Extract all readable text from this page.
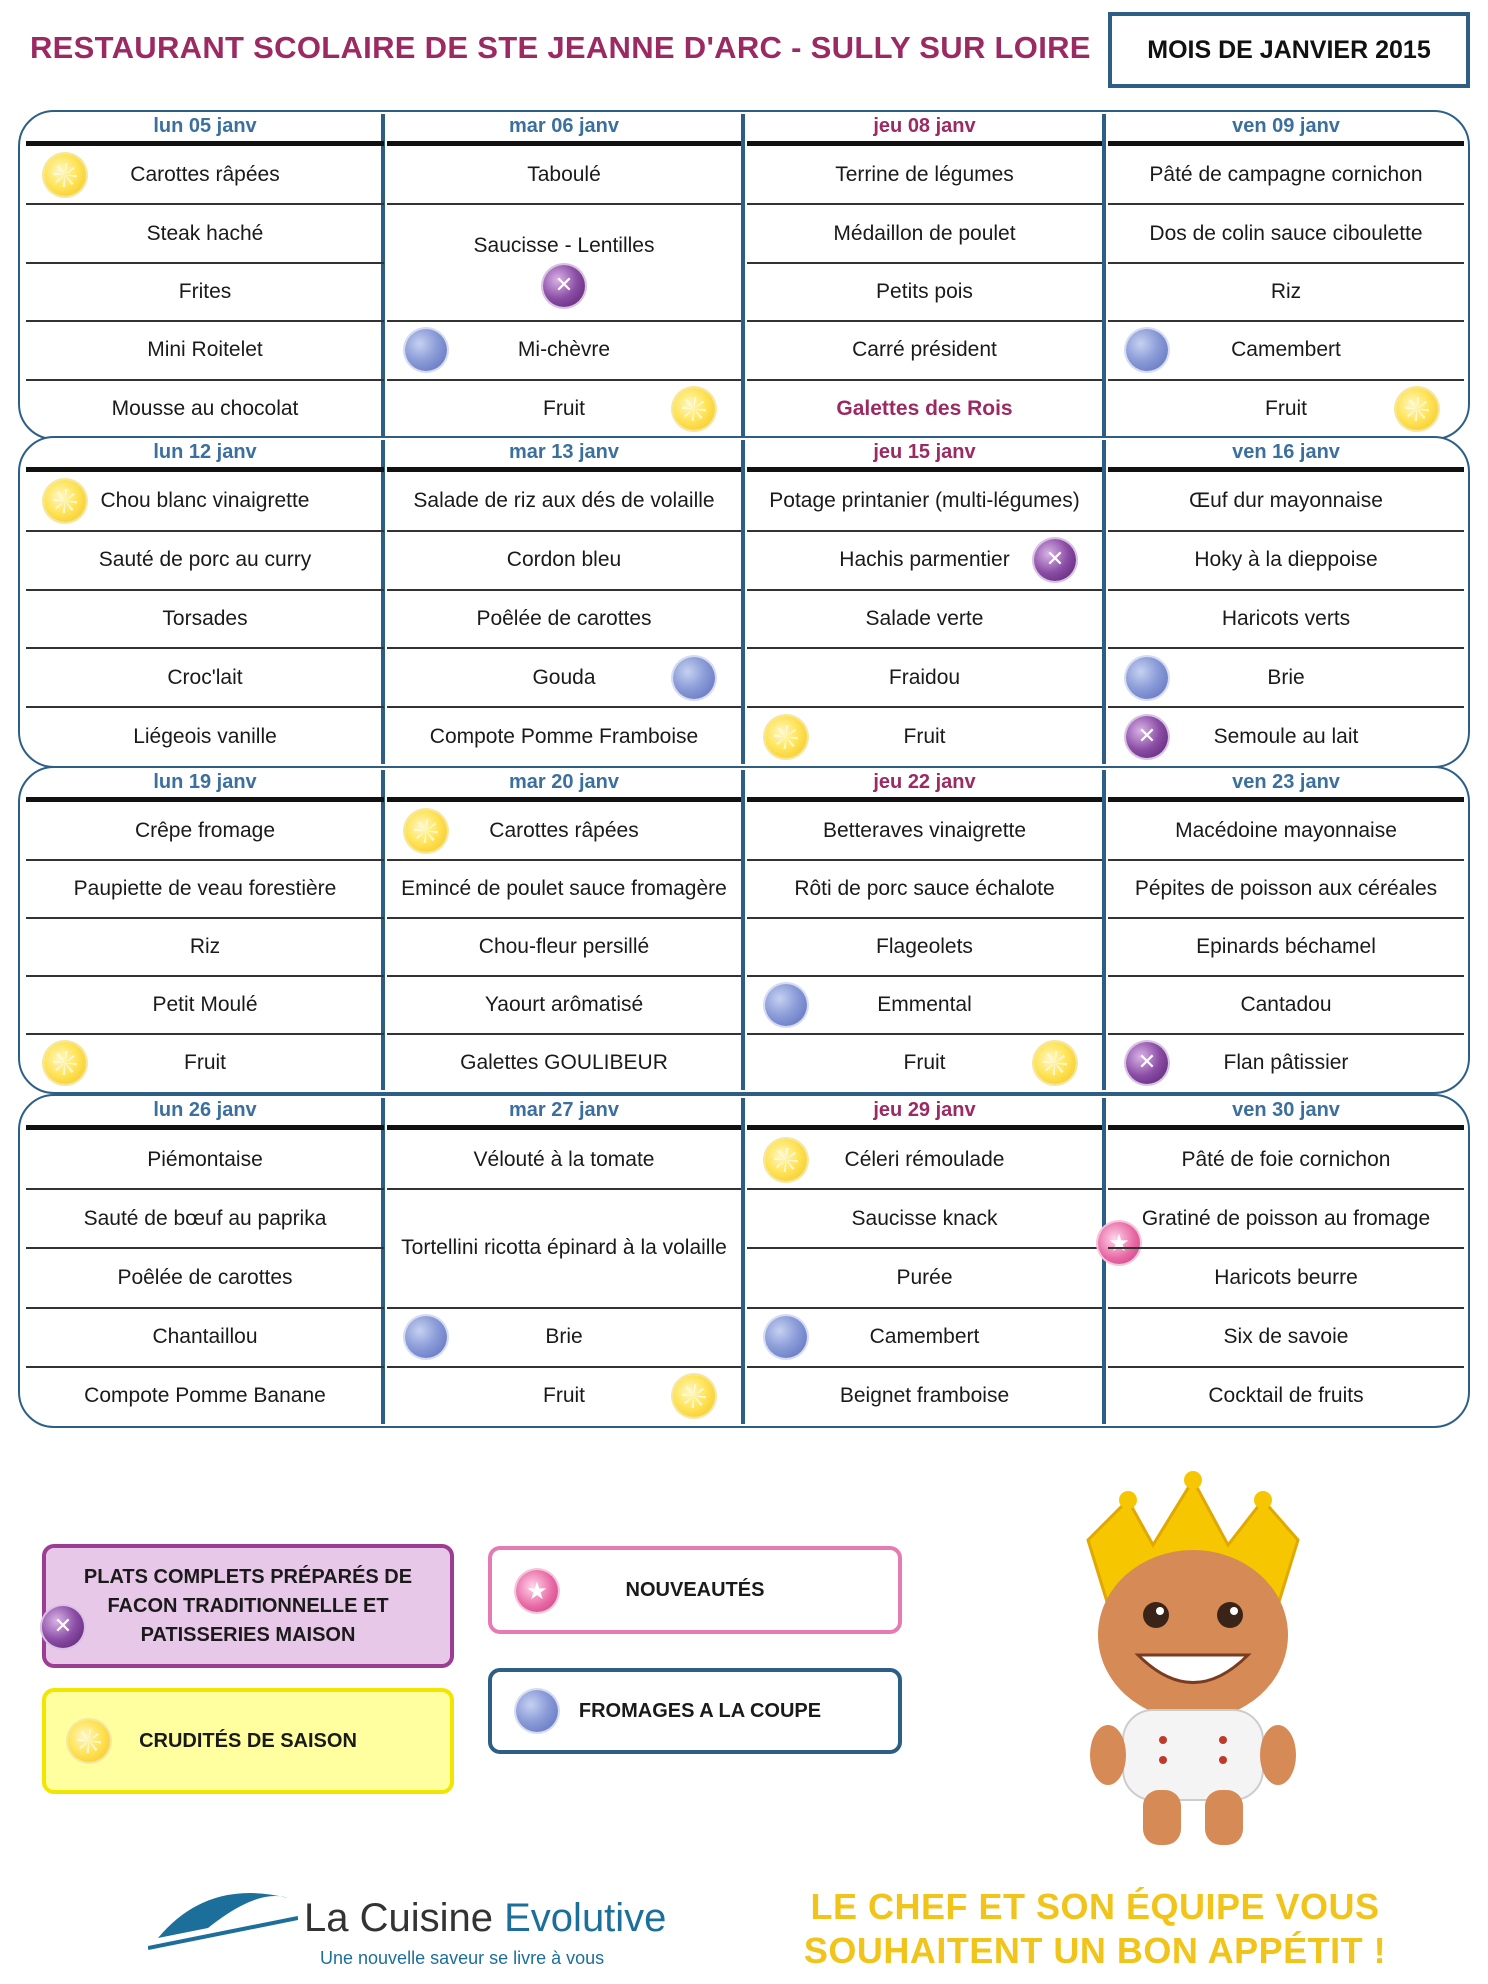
RESTAURANT SCOLAIRE DE STE JEANNE D'ARC - SULLY SUR LOIRE MOIS DE JANVIER 2015
lun 05 janv
Carottes râpées
Steak haché
Frites
Mini Roitelet
Mousse au chocolat
mar 06 janv
Taboulé
Saucisse - Lentilles
✕
Mi-chèvre
Fruit
jeu 08 janv
Terrine de légumes
Médaillon de poulet
Petits pois
Carré président
Galettes des Rois
ven 09 janv
Pâté de campagne cornichon
Dos de colin sauce ciboulette
Riz
Camembert
Fruit
lun 12 janv
Chou blanc vinaigrette
Sauté de porc au curry
Torsades
Croc'lait
Liégeois vanille
mar 13 janv
Salade de riz aux dés de volaille
Cordon bleu
Poêlée de carottes
Gouda
Compote Pomme Framboise
jeu 15 janv
Potage printanier (multi-légumes)
Hachis parmentier
✕
Salade verte
Fraidou
Fruit
ven 16 janv
Œuf dur mayonnaise
Hoky à la dieppoise
Haricots verts
Brie
Semoule au lait
✕
lun 19 janv
Crêpe fromage
Paupiette de veau forestière
Riz
Petit Moulé
Fruit
mar 20 janv
Carottes râpées
Emincé de poulet sauce fromagère
Chou-fleur persillé
Yaourt arômatisé
Galettes GOULIBEUR
jeu 22 janv
Betteraves vinaigrette
Rôti de porc sauce échalote
Flageolets
Emmental
Fruit
ven 23 janv
Macédoine mayonnaise
Pépites de poisson aux céréales
Epinards béchamel
Cantadou
Flan pâtissier
✕
lun 26 janv
Piémontaise
Sauté de bœuf au paprika
Poêlée de carottes
Chantaillou
Compote Pomme Banane
mar 27 janv
Vélouté à la tomate
Tortellini ricotta épinard à la volaille
Brie
Fruit
jeu 29 janv
Céleri rémoulade
Saucisse knack
Purée
Camembert
Beignet framboise
ven 30 janv
Pâté de foie cornichon
Gratiné de poisson au fromage
★
Haricots beurre
Six de savoie
Cocktail de fruits
✕
PLATS COMPLETS PRÉPARÉS DE FACON TRADITIONNELLE ET PATISSERIES MAISON
CRUDITÉS DE SAISON
★
NOUVEAUTÉS
FROMAGES A LA COUPE
La Cuisine Evolutive
Une nouvelle saveur se livre à vous
LE CHEF ET SON ÉQUIPE VOUS SOUHAITENT UN BON APPÉTIT !
